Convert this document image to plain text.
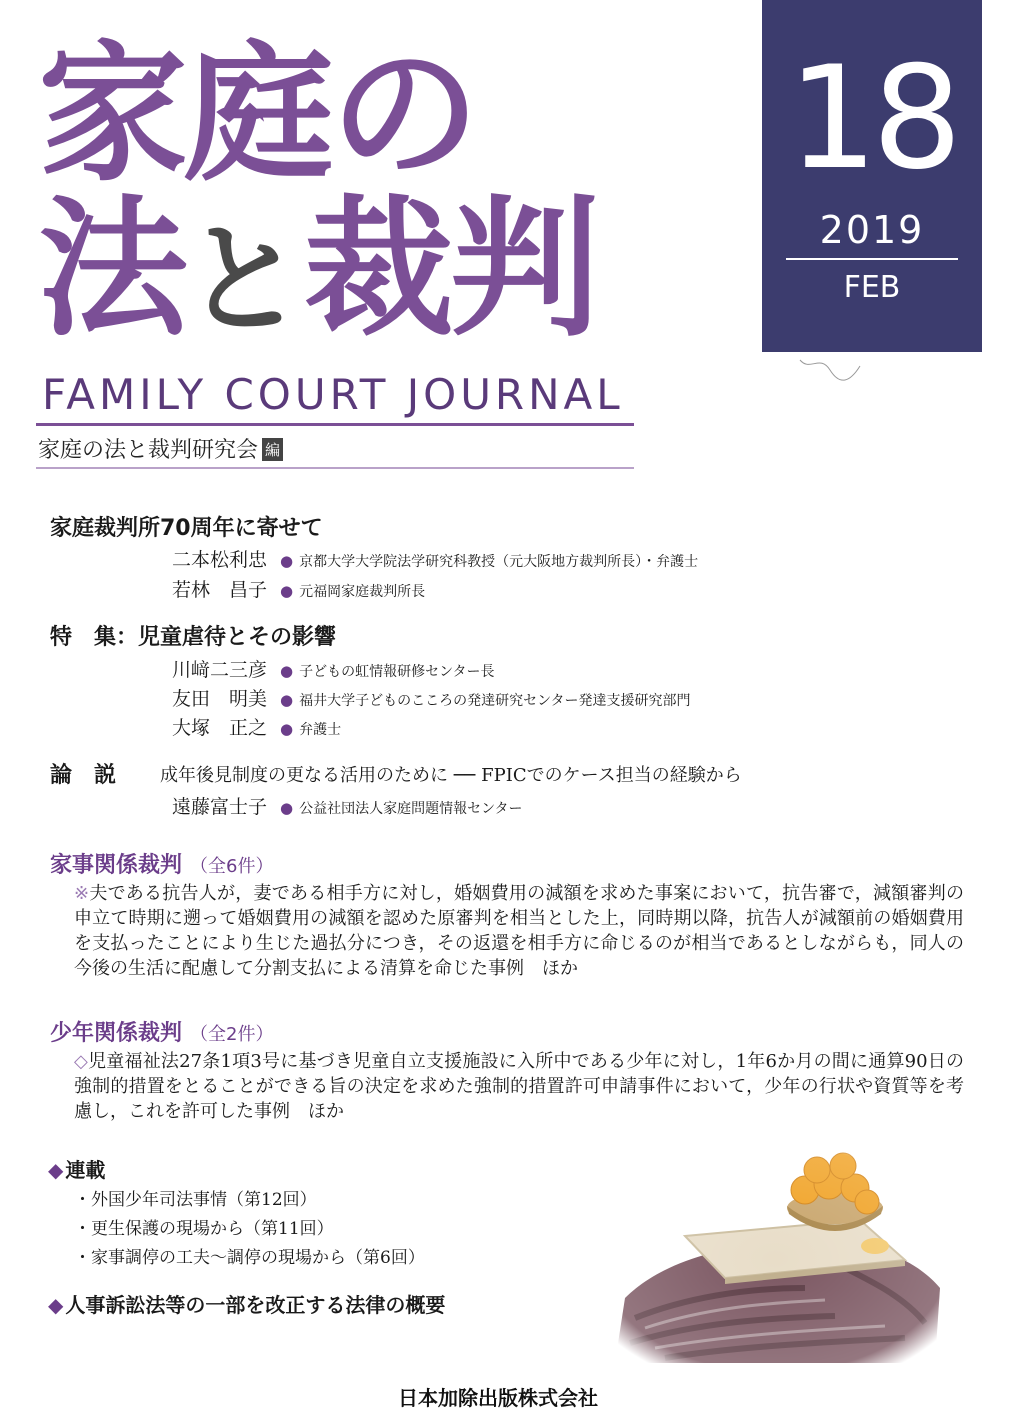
家庭の
法と裁判
18
2019
FEB
FAMILY COURT JOURNAL
家庭の法と裁判研究会 編
家庭裁判所70周年に寄せて
二本松利忠 ● 京都大学大学院法学研究科教授（元大阪地方裁判所長）・弁護士
若林　昌子 ● 元福岡家庭裁判所長
特　集：児童虐待とその影響
川﨑二三彦 ● 子どもの虹情報研修センター長
友田　明美 ● 福井大学子どものこころの発達研究センター発達支援研究部門
大塚　正之 ● 弁護士
論　説 成年後見制度の更なる活用のために ── FPICでのケース担当の経験から
遠藤富士子 ● 公益社団法人家庭問題情報センター
家事関係裁判 （全6件）
※夫である抗告人が，妻である相手方に対し，婚姻費用の減額を求めた事案において，抗告審で，減額審判の申立て時期に遡って婚姻費用の減額を認めた原審判を相当とした上，同時期以降，抗告人が減額前の婚姻費用を支払ったことにより生じた過払分につき，その返還を相手方に命じるのが相当であるとしながらも，同人の今後の生活に配慮して分割支払による清算を命じた事例　ほか
少年関係裁判 （全2件）
◇児童福祉法27条1項3号に基づき児童自立支援施設に入所中である少年に対し，1年6か月の間に通算90日の強制的措置をとることができる旨の決定を求めた強制的措置許可申請事件において，少年の行状や資質等を考慮し，これを許可した事例　ほか
◆ 連載
・外国少年司法事情（第12回）
・更生保護の現場から（第11回）
・家事調停の工夫～調停の現場から（第6回）
◆ 人事訴訟法等の一部を改正する法律の概要
日本加除出版株式会社
